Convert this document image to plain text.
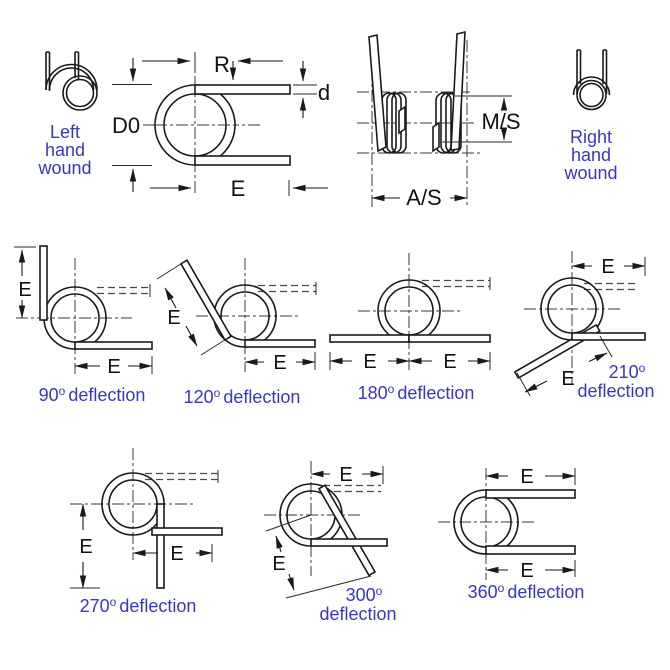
Left
hand
wound
Right
hand
wound
R
D0
d
E
M/S
A/S
E
E
90$^o$ deflection
E
E
120$^o$ deflection
E	E
180$^o$ deflection
E
E 210$^o$
deflection
E	E
270$^o$ deflection
E
E
300$^o$
deflection
E
E
360$^o$ deflection
